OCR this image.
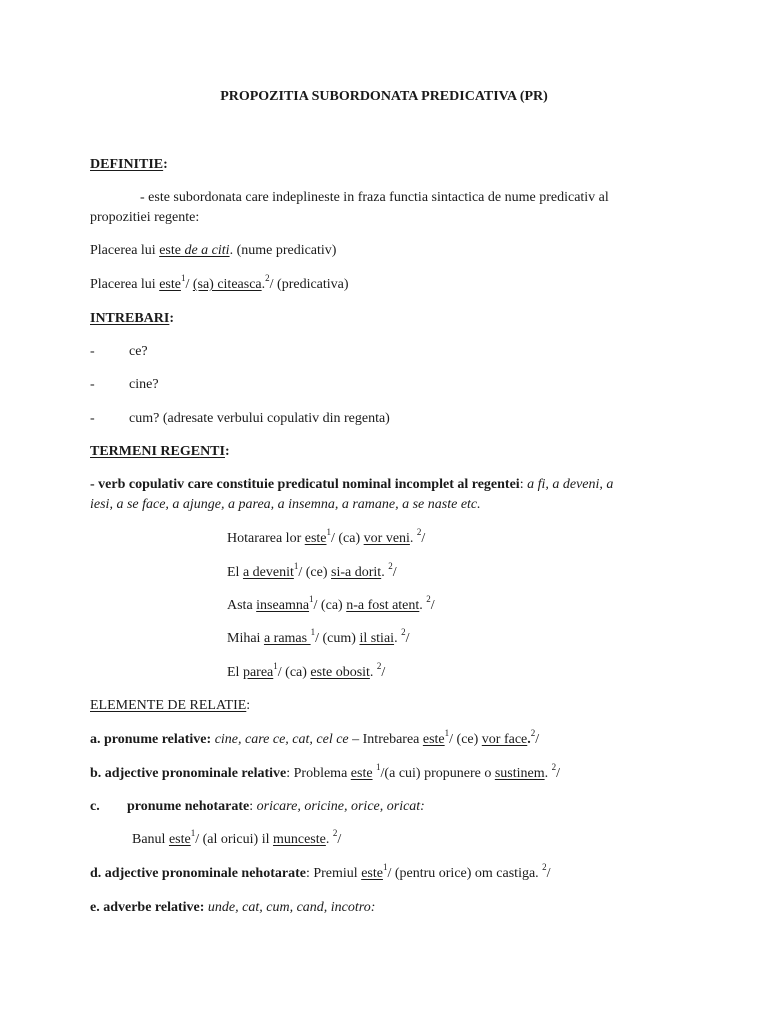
PROPOZITIA SUBORDONATA PREDICATIVA (PR)
DEFINITIE:
- este subordonata care indeplineste in fraza functia sintactica de nume predicativ al
propozitiei regente:
Placerea lui este de a citi. (nume predicativ)
Placerea lui este$^1$/ (sa) citeasca.$^2$/ (predicativa)
INTREBARI:
- ce?
- cine?
- cum? (adresate verbului copulativ din regenta)
TERMENI REGENTI:
- verb copulativ care constituie predicatul nominal incomplet al regentei: a fi, a deveni, a
iesi, a se face, a ajunge, a parea, a insemna, a ramane, a se naste etc.
Hotararea lor este$^1$/ (ca) vor veni. $^2$/
El a devenit$^1$/ (ce) si-a dorit. $^2$/
Asta inseamna$^1$/ (ca) n-a fost atent. $^2$/
Mihai a ramas $^1$/ (cum) il stiai. $^2$/
El parea$^1$/ (ca) este obosit. $^2$/
ELEMENTE DE RELATIE:
a. pronume relative: cine, care ce, cat, cel ce – Intrebarea este$^1$/ (ce) vor face.$^2$/
b. adjective pronominale relative: Problema este $^1$/(a cui) propunere o sustinem. $^2$/
c. pronume nehotarate: oricare, oricine, orice, oricat:
Banul este$^1$/ (al oricui) il munceste. $^2$/
d. adjective pronominale nehotarate: Premiul este$^1$/ (pentru orice) om castiga. $^2$/
e. adverbe relative: unde, cat, cum, cand, incotro:
